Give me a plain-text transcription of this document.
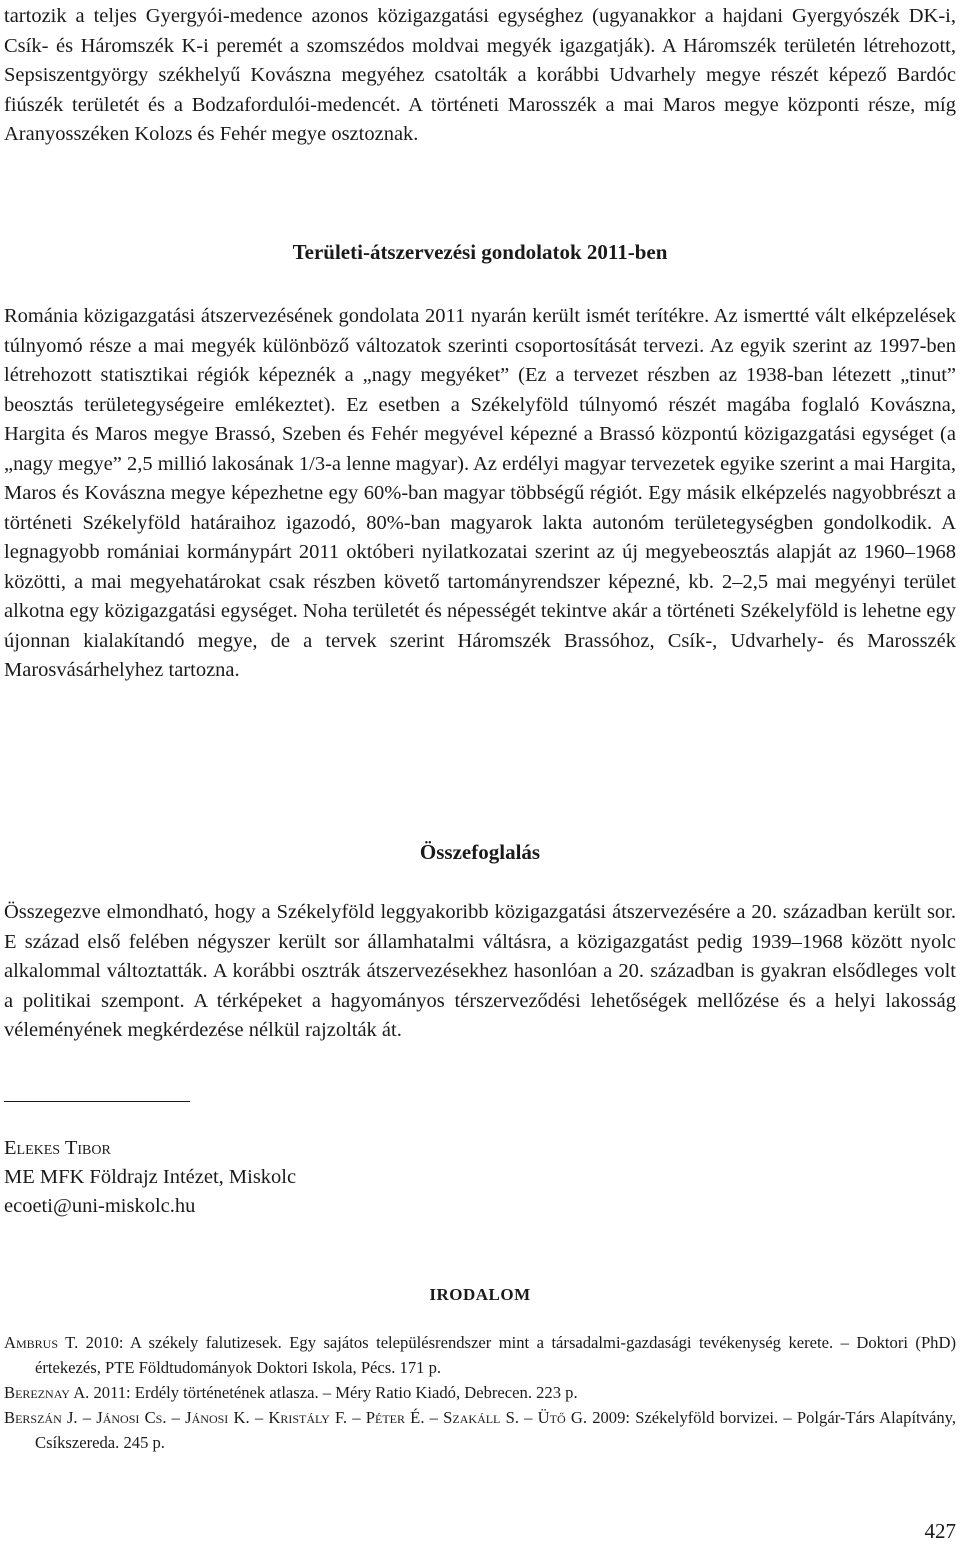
tartozik a teljes Gyergyói-medence azonos közigazgatási egységhez (ugyanakkor a hajdani Gyergyószék DK-i, Csík- és Háromszék K-i peremét a szomszédos moldvai megyék igazgatják). A Háromszék területén létrehozott, Sepsiszentgyörgy székhelyű Kovászna megyéhez csatolták a korábbi Udvarhely megye részét képező Bardóc fiúszék területét és a Bodzafordulói-medencét. A történeti Marosszék a mai Maros megye központi része, míg Aranyosszéken Kolozs és Fehér megye osztoznak.

Területi-átszervezési gondolatok 2011-ben

Románia közigazgatási átszervezésének gondolata 2011 nyarán került ismét terítékre. Az ismertté vált elképzelések túlnyomó része a mai megyék különböző változatok szerinti csoportosítását tervezi. Az egyik szerint az 1997-ben létrehozott statisztikai régiók képeznék a „nagy megyéket” (Ez a tervezet részben az 1938-ban létezett „tinut” beosztás területegységeire emlékeztet). Ez esetben a Székelyföld túlnyomó részét magába foglaló Kovászna, Hargita és Maros megye Brassó, Szeben és Fehér megyével képezné a Brassó központú közigazgatási egységet (a „nagy megye” 2,5 millió lakosának 1/3-a lenne magyar). Az erdélyi magyar tervezetek egyike szerint a mai Hargita, Maros és Kovászna megye képezhetne egy 60%-ban magyar többségű régiót. Egy másik elképzelés nagyobbrészt a történeti Székelyföld határaihoz igazodó, 80%-ban magyarok lakta autonóm területegységben gondolkodik. A legnagyobb romániai kormánypárt 2011 októberi nyilatkozatai szerint az új megyebeosztás alapját az 1960–1968 közötti, a mai megyehatárokat csak részben követő tartományrendszer képezné, kb. 2–2,5 mai megyényi terület alkotna egy közigazgatási egységet. Noha területét és népességét tekintve akár a történeti Székelyföld is lehetne egy újonnan kialakítandó megye, de a tervek szerint Háromszék Brassóhoz, Csík-, Udvarhely- és Marosszék Marosvásárhelyhez tartozna.

Összefoglalás

Összegezve elmondható, hogy a Székelyföld leggyakoribb közigazgatási átszervezésére a 20. században került sor. E század első felében négyszer került sor államhatalmi váltásra, a közigazgatást pedig 1939–1968 között nyolc alkalommal változtatták. A korábbi osztrák átszervezésekhez hasonlóan a 20. században is gyakran elsődleges volt a politikai szempont. A térképeket a hagyományos térszerveződési lehetőségek mellőzése és a helyi lakosság véleményének megkérdezése nélkül rajzolták át.

Elekes Tibor
ME MFK Földrajz Intézet, Miskolc
ecoeti@uni-miskolc.hu
IRODALOM
Ambrus T. 2010: A székely falutizesek. Egy sajátos településrendszer mint a társadalmi-gazdasági tevékenység kerete. – Doktori (PhD) értekezés, PTE Földtudományok Doktori Iskola, Pécs. 171 p.
Bereznay A. 2011: Erdély történetének atlasza. – Méry Ratio Kiadó, Debrecen. 223 p.
Berszán J. – Jánosi Cs. – Jánosi K. – Kristály F. – Péter É. – Szakáll S. – Ütő G. 2009: Székelyföld borvizei. – Polgár-Társ Alapítvány, Csíkszereda. 245 p.
427
